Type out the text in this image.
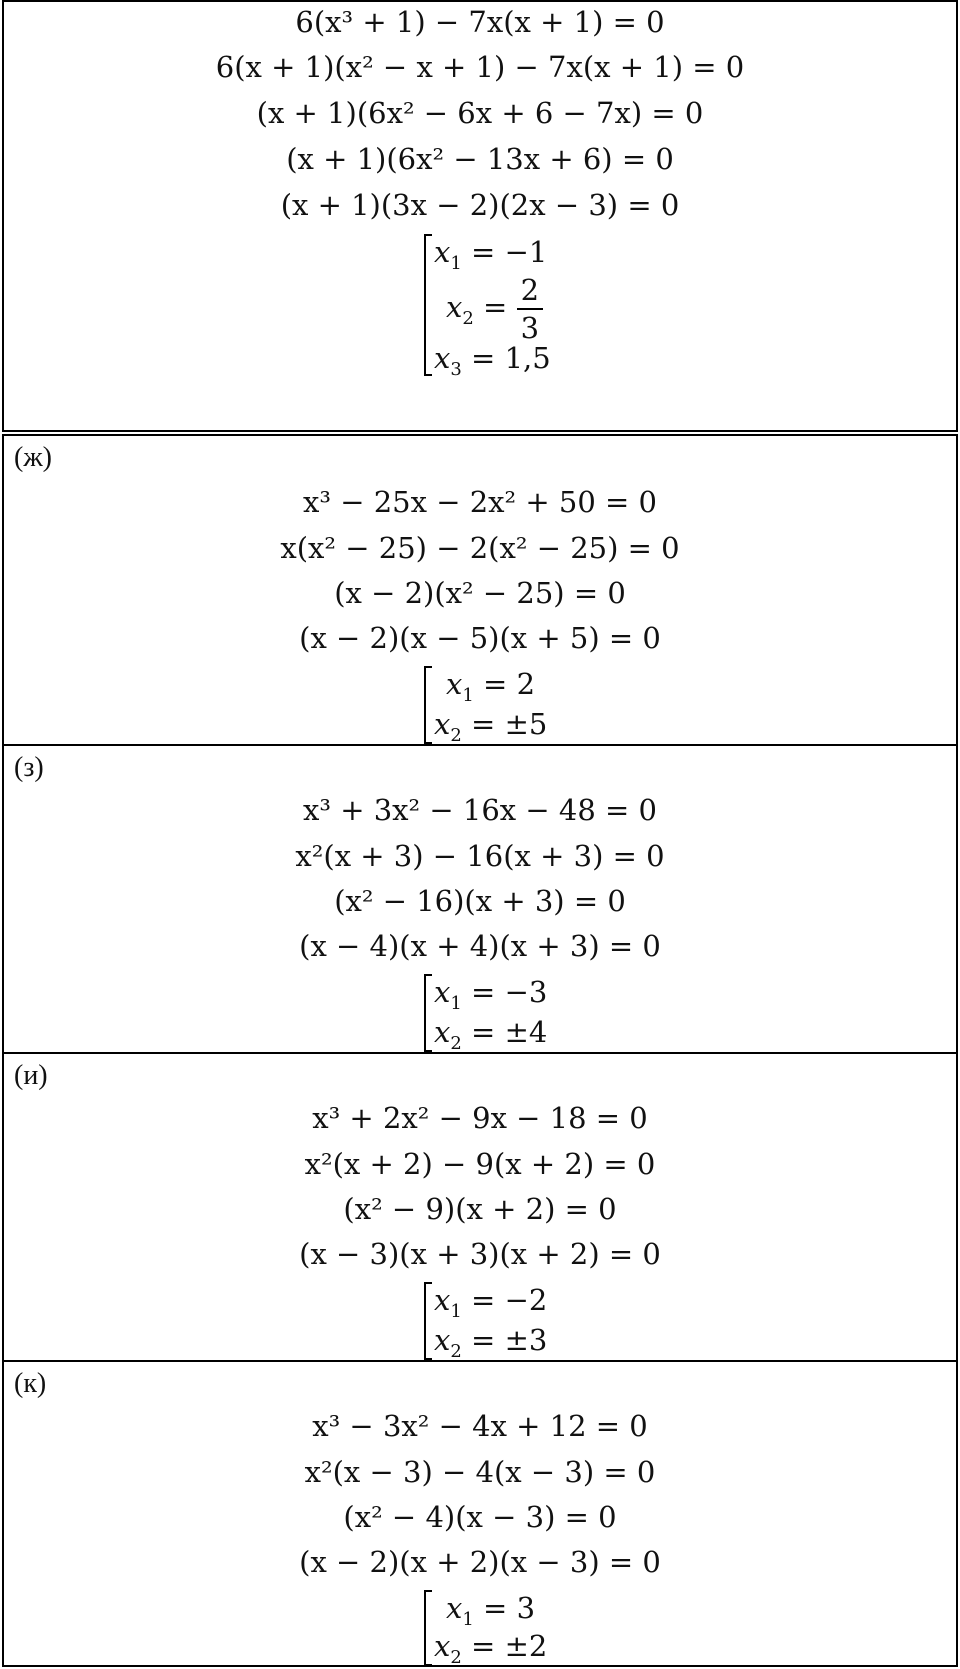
6(x³ + 1) − 7x(x + 1) = 0
6(x + 1)(x² − x + 1) − 7x(x + 1) = 0
(x + 1)(6x² − 6x + 6 − 7x) = 0
(x + 1)(6x² − 13x + 6) = 0
(x + 1)(3x − 2)(2x − 3) = 0
$x_1 = -1$
$x_2 = \frac{2}{3}$
$x_3 = 1,5$
(ж)
x³ − 25x − 2x² + 50 = 0
x(x² − 25) − 2(x² − 25) = 0
(x − 2)(x² − 25) = 0
(x − 2)(x − 5)(x + 5) = 0
$x_1 = 2$
$x_2 = \pm 5$
(з)
x³ + 3x² − 16x − 48 = 0
x²(x + 3) − 16(x + 3) = 0
(x² − 16)(x + 3) = 0
(x − 4)(x + 4)(x + 3) = 0
$x_1 = -3$
$x_2 = \pm 4$
(и)
x³ + 2x² − 9x − 18 = 0
x²(x + 2) − 9(x + 2) = 0
(x² − 9)(x + 2) = 0
(x − 3)(x + 3)(x + 2) = 0
$x_1 = -2$
$x_2 = \pm 3$
(к)
x³ − 3x² − 4x + 12 = 0
x²(x − 3) − 4(x − 3) = 0
(x² − 4)(x − 3) = 0
(x − 2)(x + 2)(x − 3) = 0
$x_1 = 3$
$x_2 = \pm 2$
